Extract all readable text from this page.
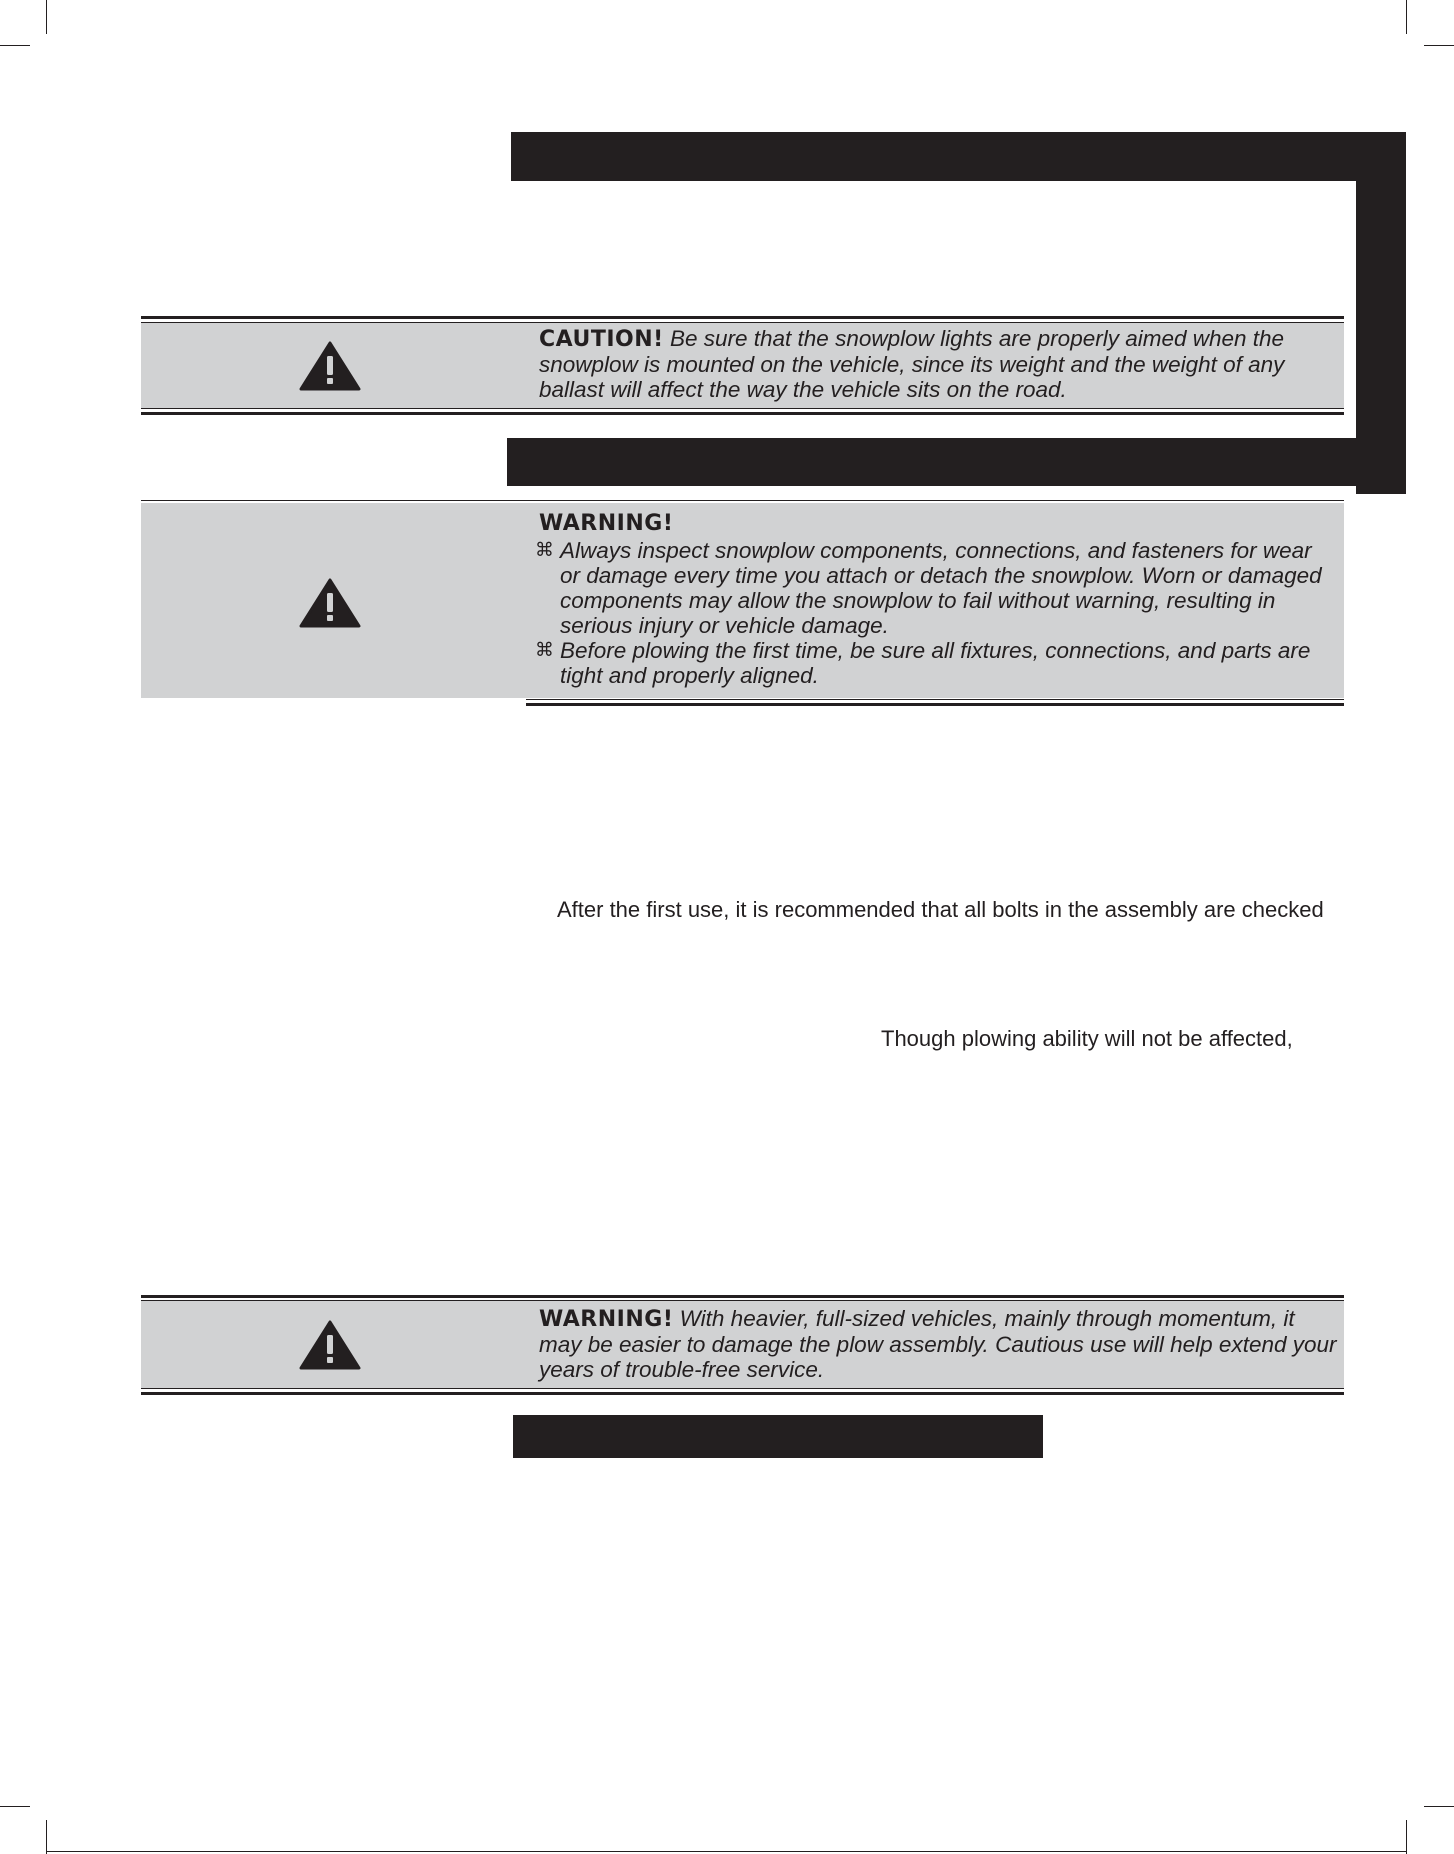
CAUTION! Be sure that the snowplow lights are properly aimed when the snowplow is mounted on the vehicle, since its weight and the weight of any ballast will affect the way the vehicle sits on the road.
WARNING!
⌘ Always inspect snowplow components, connections, and fasteners for wear or damage every time you attach or detach the snowplow. Worn or damaged components may allow the snowplow to fail without warning, resulting in serious injury or vehicle damage.
⌘ Before plowing the first time, be sure all fixtures, connections, and parts are tight and properly aligned.
After the first use, it is recommended that all bolts in the assembly are checked
Though plowing ability will not be affected,
WARNING! With heavier, full-sized vehicles, mainly through momentum, it may be easier to damage the plow assembly. Cautious use will help extend your years of trouble-free service.
